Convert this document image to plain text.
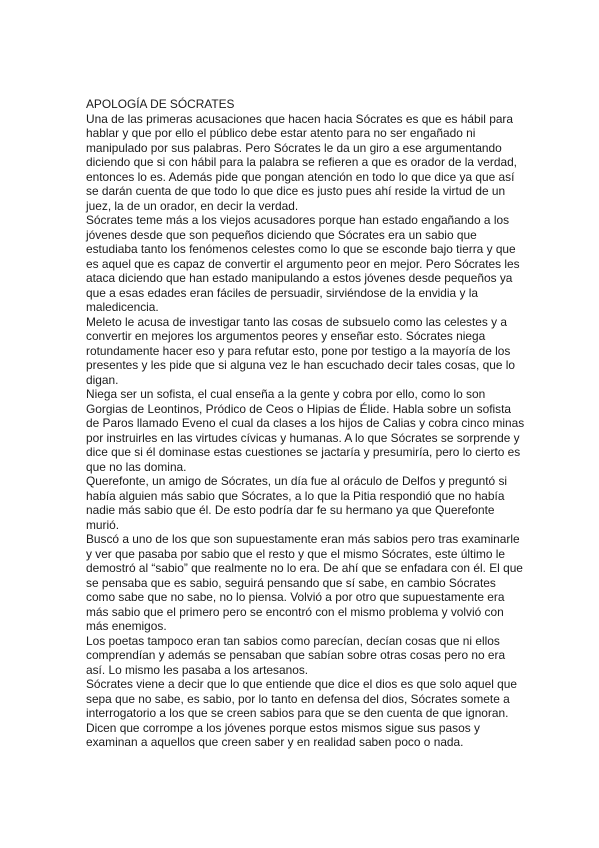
APOLOGÍA DE SÓCRATES

Una de las primeras acusaciones que hacen hacia Sócrates es que es hábil para hablar y que por ello el público debe estar atento para no ser engañado ni manipulado por sus palabras. Pero Sócrates le da un giro a ese argumentando diciendo que si con hábil para la palabra se refieren a que es orador de la verdad, entonces lo es. Además pide que pongan atención en todo lo que dice ya que así se darán cuenta de que todo lo que dice es justo pues ahí reside la virtud de un juez, la de un orador, en decir la verdad.

Sócrates teme más a los viejos acusadores porque han estado engañando a los jóvenes desde que son pequeños diciendo que Sócrates era un sabio que estudiaba tanto los fenómenos celestes como lo que se esconde bajo tierra y que es aquel que es capaz de convertir el argumento peor en mejor. Pero Sócrates les ataca diciendo que han estado manipulando a estos jóvenes desde pequeños ya que a esas edades eran fáciles de persuadir, sirviéndose de la envidia y la maledicencia.

Meleto le acusa de investigar tanto las cosas de subsuelo como las celestes y a convertir en mejores los argumentos peores y enseñar esto. Sócrates niega rotundamente hacer eso y para refutar esto, pone por testigo a la mayoría de los presentes y les pide que si alguna vez le han escuchado decir tales cosas, que lo digan.

Niega ser un sofista, el cual enseña a la gente y cobra por ello, como lo son Gorgias de Leontinos, Pródico de Ceos o Hipias de Élide. Habla sobre un sofista de Paros llamado Eveno el cual da clases a los hijos de Calias y cobra cinco minas por instruirles en las virtudes cívicas y humanas. A lo que Sócrates se sorprende y dice que si él dominase estas cuestiones se jactaría y presumiría, pero lo cierto es que no las domina.

Querefonte, un amigo de Sócrates, un día fue al oráculo de Delfos y preguntó si había alguien más sabio que Sócrates, a lo que la Pitia respondió que no había nadie más sabio que él. De esto podría dar fe su hermano ya que Querefonte murió.

Buscó a uno de los que son supuestamente eran más sabios pero tras examinarle y ver que pasaba por sabio que el resto y que el mismo Sócrates, este último le demostró al “sabio” que realmente no lo era. De ahí que se enfadara con él. El que se pensaba que es sabio, seguirá pensando que sí sabe, en cambio Sócrates como sabe que no sabe, no lo piensa. Volvió a por otro que supuestamente era más sabio que el primero pero se encontró con el mismo problema y volvió con más enemigos.

Los poetas tampoco eran tan sabios como parecían, decían cosas que ni ellos comprendían y además se pensaban que sabían sobre otras cosas pero no era así. Lo mismo les pasaba a los artesanos.

Sócrates viene a decir que lo que entiende que dice el dios es que solo aquel que sepa que no sabe, es sabio, por lo tanto en defensa del dios, Sócrates somete a interrogatorio a los que se creen sabios para que se den cuenta de que ignoran.

Dicen que corrompe a los jóvenes porque estos mismos sigue sus pasos y examinan a aquellos que creen saber y en realidad saben poco o nada.
